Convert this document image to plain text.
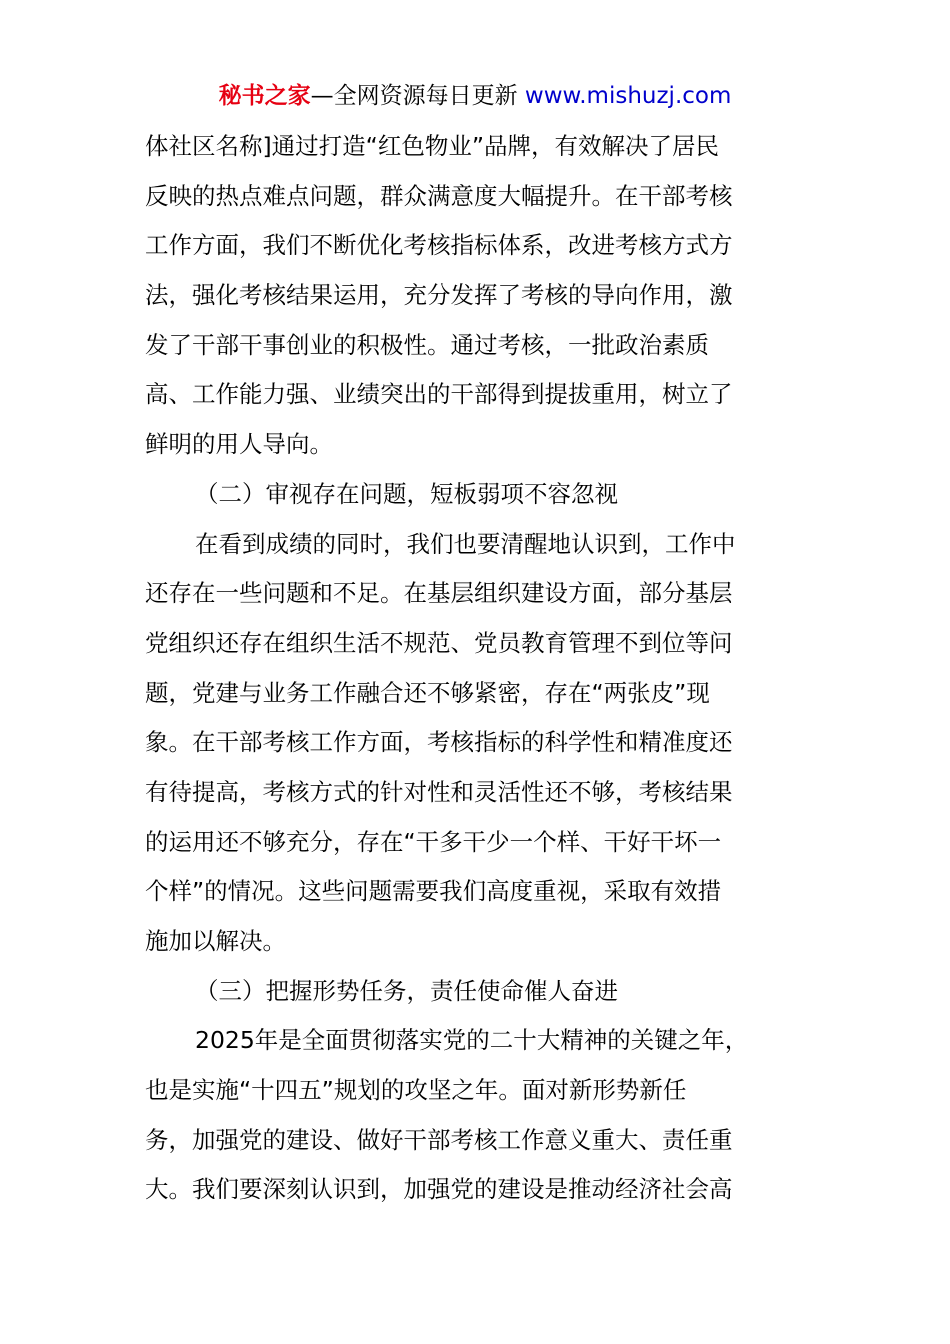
秘书之家—全网资源每日更新 www.mishuzj.com
体社区名称]通过打造“红色物业”品牌，有效解决了居民
反映的热点难点问题，群众满意度大幅提升。在干部考核
工作方面，我们不断优化考核指标体系，改进考核方式方
法，强化考核结果运用，充分发挥了考核的导向作用，激
发了干部干事创业的积极性。通过考核，一批政治素质
高、工作能力强、业绩突出的干部得到提拔重用，树立了
鲜明的用人导向。
（二）审视存在问题，短板弱项不容忽视
在看到成绩的同时，我们也要清醒地认识到，工作中
还存在一些问题和不足。在基层组织建设方面，部分基层
党组织还存在组织生活不规范、党员教育管理不到位等问
题，党建与业务工作融合还不够紧密，存在“两张皮”现
象。在干部考核工作方面，考核指标的科学性和精准度还
有待提高，考核方式的针对性和灵活性还不够，考核结果
的运用还不够充分，存在“干多干少一个样、干好干坏一
个样”的情况。这些问题需要我们高度重视，采取有效措
施加以解决。
（三）把握形势任务，责任使命催人奋进
2025年是全面贯彻落实党的二十大精神的关键之年，
也是实施“十四五”规划的攻坚之年。面对新形势新任
务，加强党的建设、做好干部考核工作意义重大、责任重
大。我们要深刻认识到，加强党的建设是推动经济社会高
